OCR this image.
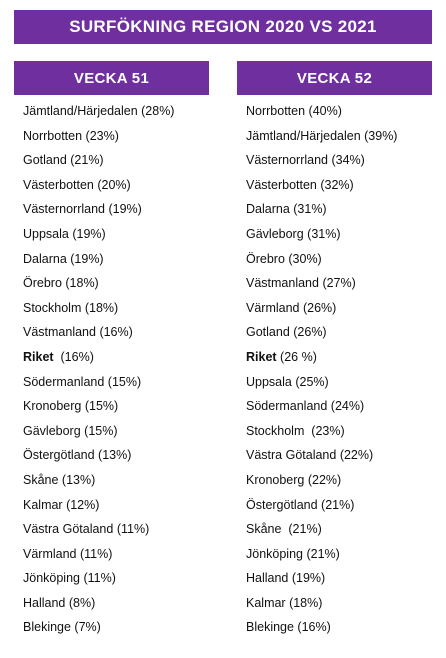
SURFÖKNING REGION 2020 VS 2021
VECKA 51
Jämtland/Härjedalen (28%)
Norrbotten (23%)
Gotland (21%)
Västerbotten (20%)
Västernorrland (19%)
Uppsala (19%)
Dalarna (19%)
Örebro (18%)
Stockholm (18%)
Västmanland (16%)
Riket  (16%)
Södermanland (15%)
Kronoberg (15%)
Gävleborg (15%)
Östergötland (13%)
Skåne (13%)
Kalmar (12%)
Västra Götaland (11%)
Värmland (11%)
Jönköping (11%)
Halland (8%)
Blekinge (7%)
VECKA 52
Norrbotten (40%)
Jämtland/Härjedalen (39%)
Västernorrland (34%)
Västerbotten (32%)
Dalarna (31%)
Gävleborg (31%)
Örebro (30%)
Västmanland (27%)
Värmland (26%)
Gotland (26%)
Riket (26 %)
Uppsala (25%)
Södermanland (24%)
Stockholm  (23%)
Västra Götaland (22%)
Kronoberg (22%)
Östergötland (21%)
Skåne  (21%)
Jönköping (21%)
Halland (19%)
Kalmar (18%)
Blekinge (16%)
